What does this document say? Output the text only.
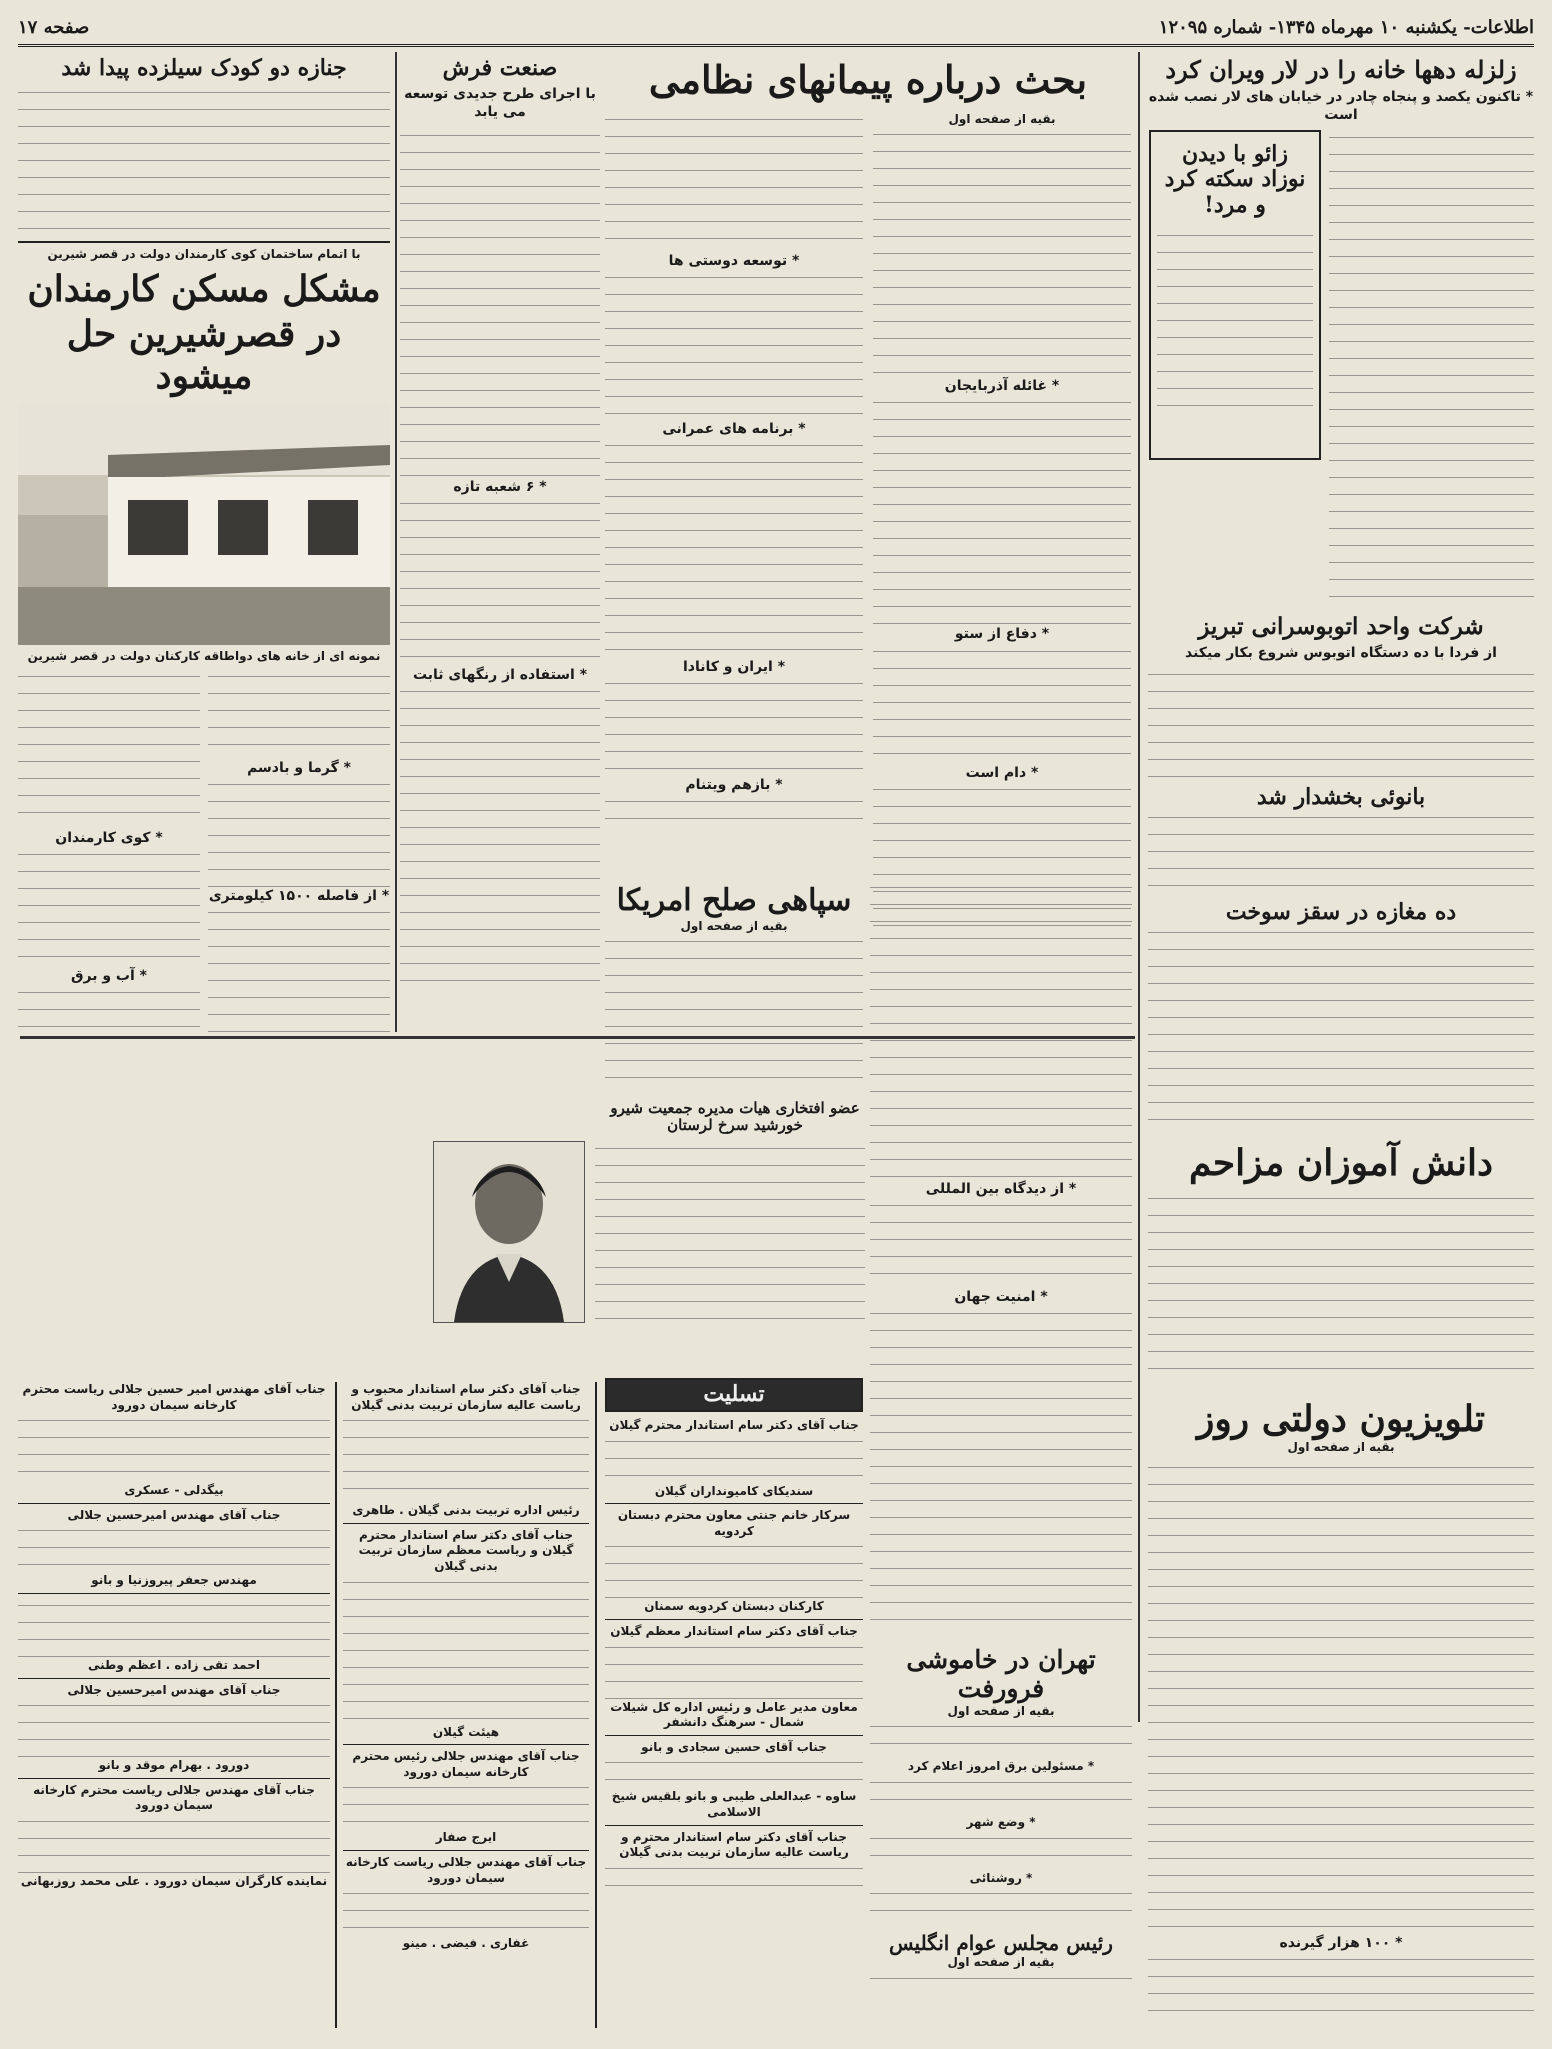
اطلاعات- یکشنبه ۱۰ مهرماه ۱۳۴۵- شماره ۱۲۰۹۵
صفحه ۱۷
زلزله دهها خانه را در لار ویران کرد
* تاکنون یکصد و پنجاه چادر در خیابان های لار نصب شده است
زائو با دیدن نوزاد سکته کرد و مرد!
شرکت واحد اتوبوسرانی تبریز
از فردا با ده دستگاه اتوبوس شروع بکار میکند
بانوئی بخشدار شد
ده مغازه در سقز سوخت
دانش آموزان مزاحم
تلویزیون دولتی روز
بقیه از صفحه اول
* ۱۰۰ هزار گیرنده
بحث درباره پیمانهای نظامی
بقیه از صفحه اول
* غائله آذربایجان
* دفاع از ستو
* دام است
* توسعه دوستی ها
* برنامه های عمرانی
* ایران و کانادا
* بازهم ویتنام
* از دیدگاه بین المللی
* امنیت جهان
تهران در خاموشی فرورفت
بقیه از صفحه اول
* مسئولین برق امروز اعلام کرد
* وضع شهر
* روشنائی
رئیس مجلس عوام انگلیس
بقیه از صفحه اول
سپاهی صلح امریکا
بقیه از صفحه اول
عضو افتخاری هیات مدیره جمعیت شیرو خورشید سرخ لرستان
صنعت فرش
با اجرای طرح جدیدی توسعه می یابد
* ۶ شعبه تازه
* استفاده از رنگهای ثابت
جنازه دو کودک سیلزده پیدا شد
با اتمام ساختمان کوی کارمندان دولت در قصر شیرین
مشکل مسکن کارمندان
در قصرشیرین حل میشود
نمونه ای از خانه های دواطاقه کارکنان دولت در قصر شیرین
* گرما و بادسم
* از فاصله ۱۵۰۰ کیلومتری
* کوی کارمندان
* آب و برق
تسلیت
جناب آقای دکتر سام استاندار محترم گیلان
سندیکای کامیونداران گیلان
سرکار خانم جنتی معاون محترم دبستان کردویه
کارکنان دبستان کردویه سمنان
جناب آقای دکتر سام استاندار معظم گیلان
معاون مدیر عامل و رئیس اداره کل شیلات شمال - سرهنگ دانشفر
جناب آقای حسین سجادی و بانو
ساوه - عبدالعلی طیبی و بانو بلقیس شیخ الاسلامی
جناب آقای دکتر سام استاندار محترم و ریاست عالیه سازمان تربیت بدنی گیلان
جناب آقای دکتر سام استاندار محبوب و ریاست عالیه سازمان تربیت بدنی گیلان
رئیس اداره تربیت بدنی گیلان . طاهری
جناب آقای دکتر سام استاندار محترم گیلان و ریاست معظم سازمان تربیت بدنی گیلان
هیئت گیلان
جناب آقای مهندس جلالی رئیس محترم کارخانه سیمان دورود
ایرج صفار
جناب آقای مهندس جلالی ریاست کارخانه سیمان دورود
غفاری . فیضی . مینو
جناب آقای مهندس امیر حسین جلالی ریاست محترم کارخانه سیمان دورود
بیگدلی - عسکری
جناب آقای مهندس امیرحسین جلالی
مهندس جعفر پیروزنیا و بانو
احمد تقی زاده . اعظم وطنی
جناب آقای مهندس امیرحسین جلالی
دورود . بهرام موقد و بانو
جناب آقای مهندس جلالی ریاست محترم کارخانه سیمان دورود
نماینده کارگران سیمان دورود . علی محمد روزبهانی
